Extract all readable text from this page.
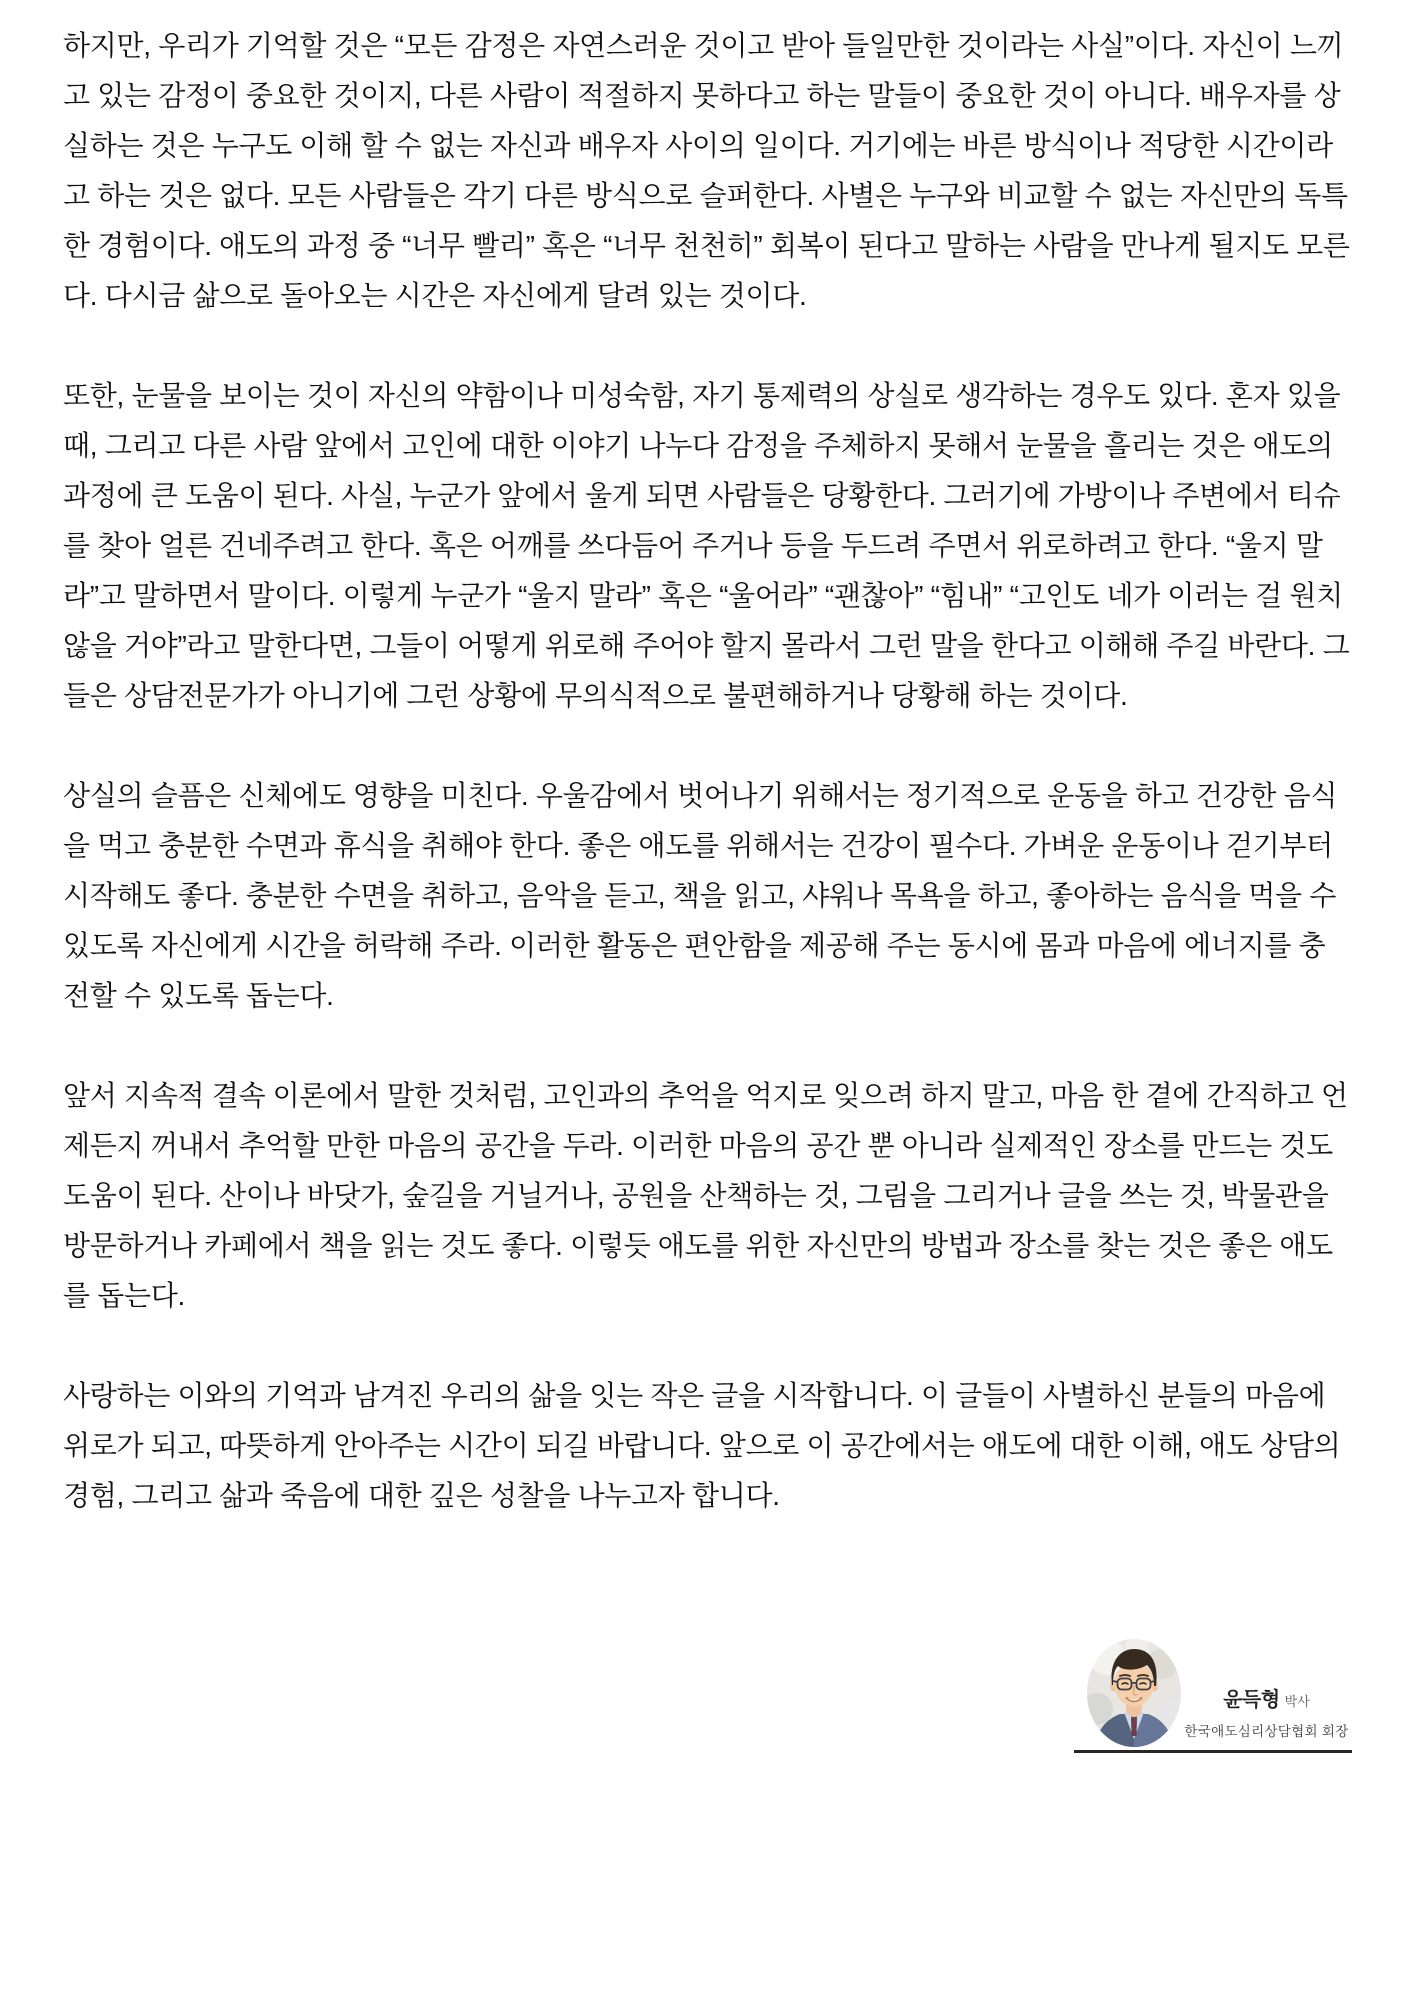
하지만, 우리가 기억할 것은 “모든 감정은 자연스러운 것이고 받아 들일만한 것이라는 사실”이다. 자신이 느끼고 있는 감정이 중요한 것이지, 다른 사람이 적절하지 못하다고 하는 말들이 중요한 것이 아니다. 배우자를 상실하는 것은 누구도 이해 할 수 없는 자신과 배우자 사이의 일이다. 거기에는 바른 방식이나 적당한 시간이라고 하는 것은 없다. 모든 사람들은 각기 다른 방식으로 슬퍼한다. 사별은 누구와 비교할 수 없는 자신만의 독특한 경험이다. 애도의 과정 중 “너무 빨리” 혹은 “너무 천천히” 회복이 된다고 말하는 사람을 만나게 될지도 모른다. 다시금 삶으로 돌아오는 시간은 자신에게 달려 있는 것이다.

또한, 눈물을 보이는 것이 자신의 약함이나 미성숙함, 자기 통제력의 상실로 생각하는 경우도 있다. 혼자 있을 때, 그리고 다른 사람 앞에서 고인에 대한 이야기 나누다 감정을 주체하지 못해서 눈물을 흘리는 것은 애도의 과정에 큰 도움이 된다. 사실, 누군가 앞에서 울게 되면 사람들은 당황한다. 그러기에 가방이나 주변에서 티슈를 찾아 얼른 건네주려고 한다. 혹은 어깨를 쓰다듬어 주거나 등을 두드려 주면서 위로하려고 한다. “울지 말라”고 말하면서 말이다. 이렇게 누군가 “울지 말라” 혹은 “울어라” “괜찮아” “힘내” “고인도 네가 이러는 걸 원치 않을 거야”라고 말한다면, 그들이 어떻게 위로해 주어야 할지 몰라서 그런 말을 한다고 이해해 주길 바란다. 그들은 상담전문가가 아니기에 그런 상황에 무의식적으로 불편해하거나 당황해 하는 것이다.

상실의 슬픔은 신체에도 영향을 미친다. 우울감에서 벗어나기 위해서는 정기적으로 운동을 하고 건강한 음식을 먹고 충분한 수면과 휴식을 취해야 한다. 좋은 애도를 위해서는 건강이 필수다. 가벼운 운동이나 걷기부터 시작해도 좋다. 충분한 수면을 취하고, 음악을 듣고, 책을 읽고, 샤워나 목욕을 하고, 좋아하는 음식을 먹을 수 있도록 자신에게 시간을 허락해 주라. 이러한 활동은 편안함을 제공해 주는 동시에 몸과 마음에 에너지를 충전할 수 있도록 돕는다.

앞서 지속적 결속 이론에서 말한 것처럼, 고인과의 추억을 억지로 잊으려 하지 말고, 마음 한 곁에 간직하고 언제든지 꺼내서 추억할 만한 마음의 공간을 두라. 이러한 마음의 공간 뿐 아니라 실제적인 장소를 만드는 것도 도움이 된다. 산이나 바닷가, 숲길을 거닐거나, 공원을 산책하는 것, 그림을 그리거나 글을 쓰는 것, 박물관을 방문하거나 카페에서 책을 읽는 것도 좋다. 이렇듯 애도를 위한 자신만의 방법과 장소를 찾는 것은 좋은 애도를 돕는다.

사랑하는 이와의 기억과 남겨진 우리의 삶을 잇는 작은 글을 시작합니다. 이 글들이 사별하신 분들의 마음에 위로가 되고, 따뜻하게 안아주는 시간이 되길 바랍니다. 앞으로 이 공간에서는 애도에 대한 이해, 애도 상담의 경험, 그리고 삶과 죽음에 대한 깊은 성찰을 나누고자 합니다.

윤득형 박사
한국애도심리상담협회 회장
